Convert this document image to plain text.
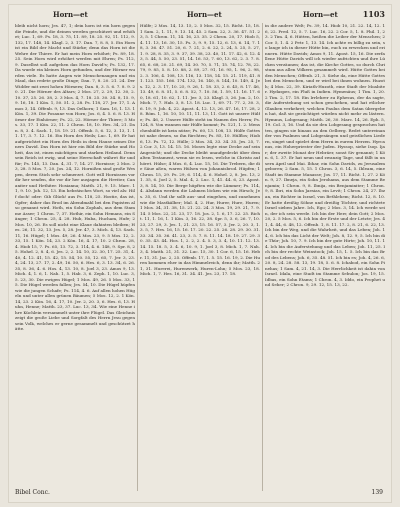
Horn—et	Horn—et	Horn—et	1103
bleib nicht horn; Jes. 47, 1; dein horn ist ein horn gegen die Feinde, und die deinen werden geschützet und erhöhet; Luc. 1, 69. Ps. 18, 3. 75, 11. 89, 18. 25. 92, 11. 112, 9. 132, 17. 148, 14. Klagl. 2, 3. 17. Dan. 7, 8. 8, 5. Ein Horn ist ein Bild der Macht und Stärke; denn das Horn ist die Wehre der Thiere. Er hat mein Horn erhöhet; Ps. 89, 18. 25. Sein Horn wird erhöhet werden mit Ehren; Ps. 112, 9. Daselbst soll aufgehen das Horn David's; Ps. 132, 17. Da wurde ein kleines Horn gefunden, und der Hörner wurden viele. Es hatte Augen wie Menschenaugen und ein Maul, das redete große Dinge; Dan. 7, 8. 20. 21. 24. Der Widder mit zwei hohen Hörnern; Dan. 8, 3. 5. 6. 7. 8. 9. 20. 21. Die Hörner des Altars; 2 Mos. 27, 2. 29, 12. 30, 2. 10. 37, 25. 26. 38, 2. 3 Mos. 4, 7. 18. 25. 30. 34. 8, 15. 9, 9. 16, 18. 1 Kön. 1, 50. 51. 2, 28. Ps. 118, 27. Jer. 17, 1. Amos 3, 14. Offenb. 9, 13. Das Oelhorn; 1 Sam. 16, 1. 13. 1 Kön. 1, 39. Die Posaune von Horn; Jos. 6, 4. 5. 6. 8. 13. Hörner der Einhörner; Ps. 22, 22. Hörner der Thiere; 5 Mos. 33, 17. 1 Kön. 22, 11. 2 Chron. 18, 10. Hes. 34, 21. Dan. 8, 3. 4. Sach. 1, 18. 19. 21. Offenb. 5, 6. 12, 3. 13, 1. 11. 17, 3. 7. 12. 16. Ein Horn des Heils; Luc. 1, 69. Er hat aufgerichtet ein Horn des Heils in dem Hause seines Dieners David. Das Horn ist hier ein Bild der Stärke und Hoheit, das ist, einen mächtigen und starken Heiland. Denn sein Reich ist ewig, und seine Herrschaft währet für und für; Ps. 145, 13. Dan. 4, 31. 7, 14. 27. Hornisse; 2 Mos. 23, 28. 5 Mos. 7, 20. Jos. 24, 12. Hornißen sind große Wespen, deren Stich sehr schmerzet. Gott will Hornissen vor dir her senden, die vor dir her ausjagen die Heviter, Cananiter und Hethiter. Hosianna; Matth. 21, 9. 15. Marc. 11, 9. 10. Joh. 12, 13. Ein hebräisches Wort, so viel als: Hilf doch! oder: Gib Glück! aus Ps. 118, 25. Hostie, das ist, Opfer; daher das Brod im Abendmahl bei den Papisten also genannt wird. Hoth, ein Sohn Zophah, aus dem Stamme Asser; 1 Chron. 7, 37. Hothir, ein Sohn Hemans, ein Sänger; 1 Chron. 25, 4. 28. Hub, Huba, Hucham, Hufe; 2 Mos. 10, 26. Es soll nicht eine Klaue dahinten bleiben; Hes. 26, 11. 32, 13. Jes. 5, 28. Jer. 47, 3. Mich. 4, 13. Sach. 11, 16. Hügel; 1 Mos. 49, 26. 4 Mos. 23, 9. 5 Mos. 12, 2. 33, 15. 1 Kön. 14, 23. 2 Kön. 16, 4. 17, 10. 2 Chron. 28, 4. Hiob 15, 7. Ps. 65, 13. 72, 3. 114, 4. 6. 148, 9. Spr. 8, 25. Hohel. 2, 8. 4, 6. Jes. 2, 2. 14. 10, 32. 30, 17. 25. 31, 4. 40, 4. 12. 41, 15. 42, 15. 54, 10. 55, 12. 65, 7. Jer. 3, 23. 4, 24. 13, 27. 17, 2. 49, 16. 50, 6. Hes. 6, 3. 13. 34, 6. 26. 35, 8. 36, 4. 6. Hos. 4, 13. 10, 8. Joel 3, 23. Amos 9, 13. Mich. 4, 1. 6, 1. Nah. 1, 5. Hab. 3, 6. Zeph. 1, 10. Luc. 3, 5. 23, 30. Die ewigen Hügel; 1 Mos. 49, 26. 5 Mos. 33, 15. Die Hügel werden fallen; Jes. 54, 10. Die Hügel hüpfen wie die jungen Schafe; Ps. 114, 4. 6. Auf allen hohen Hügeln und unter allen grünen Bäumen; 5 Mos. 12, 2. 1 Kön. 14, 23. 2 Kön. 16, 4. 17, 10. Jer. 2, 20. 3, 6. Hes. 6, 13. Huhn, Henne; Matth. 23, 37. Luc. 13, 34. Wie eine Henne ihre Küchlein versammelt unter ihre Flügel. Das Gleichnis zeigt die große Liebe und Sorgfalt des Herrn Jesu gegen sein Volk, welches er gerne gesammelt und geschützet hätte.
Hülfe; 2 Mos. 14, 13. 15, 2. 5 Mos. 32, 15. Richt. 15, 18. 1 Sam. 2, 1. 11, 9. 13. 14, 45. 2 Sam. 22, 3. 36. 47. 51. 23, 5. 1 Chron. 11, 14. 16, 23. 35. 2 Chron. 20, 17. Hiob 5, 4. 11. 13, 16. 30, 15. Ps. 3, 9. 9, 15. 12, 6. 13, 6. 14, 7. 18, 3. 36. 47. 51. 20, 6. 7. 21, 2. 6. 22, 2. 24, 5. 25, 5. 27, 1. 9. 28, 8. 35, 3. 9. 37, 39. 38, 23. 40, 11. 17. 42, 6. 12. 43, 5. 44, 5. 50, 23. 51, 14. 16. 53, 7. 60, 13. 62, 2. 3. 7. 8. 65, 6. 68, 20. 21. 69, 14. 30. 70, 5. 71, 15. 74, 12. 78, 22. 79, 9. 85, 5. 8. 10. 88, 2. 89, 27. 91, 16. 95, 1. 96, 2. 98, 2. 3. 106, 4. 108, 13. 116, 13. 118, 14. 15. 21. 119, 41. 81. 123. 155. 166. 174. 132, 16. 140, 8. 144, 10. 149, 4. Jes. 12, 2. 3. 17, 10. 25, 9. 26, 1. 18. 33, 2. 6. 45, 8. 17. 46, 13. 49, 6. 8. 51, 5. 6. 8. 52, 7. 10. 56, 1. 59, 11. 16. 17. 60, 18. 61, 10. 62, 1. 11. Jer. 3, 23. Klagl. 3, 26. Jon. 2, 10. Mich. 7, 7. Hab. 3, 8. 13. 18. Luc. 1, 69. 71. 77. 2, 30. 3, 6. 19, 9. Joh. 4, 22. Apost. 4, 12. 13, 26. 47. 16, 17. 28, 28. Röm. 1, 16. 10, 10. 11, 11. 13, 11. Gott ist unsere Hülfe; Ps. 46, 2. Unsere Hülfe steht im Namen des Herrn; Ps. 124, 8. Von wannen mir Hülfe kommt; Ps. 121, 1. 2. Menschenhülfe ist kein nütze; Ps. 60, 13. 108, 13. Hülfe Gottes ist nahe denen, so ihn fürchten; Ps. 85, 10. Hülflos; Hiob 6, 13. Ps. 72, 12. Hülle; 2 Mos. 34, 33. 34. 35. Jes. 25, 7. 2 Cor. 3, 13. 14. 15. 16. Moses legte eine Decke auf sein Angesicht; und die Decke bleibt unaufgedeckt über dem alten Testament, wenn sie es lesen, welche in Christo aufhöret. Hülse; 4 Mos. 6, 4. Luc. 15, 16. Die Trebern, die die Säue aßen, waren Hülsen von Johannisbrod. Hüpfen; 1 Chron. 15, 29. Ps. 29, 6. 114, 4. 6. Hohel. 2, 8. Jes. 13, 21. 35, 6. Joel 2, 5. Mal. 4, 2. Luc. 1, 41. 44. 6, 23. Apost. 3, 8. 14, 10. Die Berge hüpften wie die Lämmer; Ps. 114, 4. Alsdann werden die Lahmen löcken wie ein Hirsch; Jes. 35, 6. Und ihr sollt aus- und eingehen, und zunehmen wie die Mastkälber; Mal. 4, 2. Hur, Hurer, Hure, Huren; 1 Mos. 34, 31. 38, 15. 21. 22. 24. 3 Mos. 19, 29. 21, 7. 9. 14. 5 Mos. 22, 21. 23, 17. 18. Jos. 2, 1. 6, 17. 22. 25. Richt. 11, 1. 16, 1. 1 Kön. 3, 16. 22, 38. Spr. 5, 3. 6, 26. 7, 10. 23, 27. 29, 3. Jes. 1, 21. 23, 15. 16. 57, 3. Jer. 2, 20. 3, 1. 3. 5, 7. Hes. 16, 15. 16. 17. 20. 22. 25. 26. 28. 29. 30. 31. 33. 34. 35. 36. 41. 23, 3. 5. 7. 8. 11. 14. 18. 19. 27. 29. 30. 35. 43. 44. Hos. 1, 2. 2, 2. 4. 5. 3, 3. 4, 10. 11. 12. 13. 14. 15. 18. 5, 3. 4. 6, 10. 9, 1. Joel 3, 8. Mich. 1, 7. Nah. 3, 4. Matth. 21, 31. 32. Luc. 15, 30. 1 Cor. 6, 15. 16. Hebr. 11, 31. Jac. 2, 25. Offenb. 17, 1. 5. 15. 16. 19, 2. Die Huren kommen eher in das Himmelreich, denn ihr; Matth. 21, 31. Hurerei, Hurenwerk, Huren-Lohn; 5 Mos. 23, 18. Mich. 1, 7. Hes. 16, 31. 34. 41. Jes. 23, 17. 18.
in die andere Welt; Ps. 39, 14. Hiob 10, 21. 22. 14, 12. 16, 22. Pred. 12, 5. 7. Luc. 16, 22. 2 Cor. 5, 1. 8. Phil. 1, 23. 2 Tim. 4, 6. Hütten, heißen die Leiber der Menschen; 2 Cor. 5, 1. 4. 2 Petr. 1, 13. 14. Ich achte es billig zu sein, so lange ich in dieser Hütte bin, euch zu erwecken und erinnern. Hütte Davids; Amos 9, 11. Apost. 15, 16. Die zerfallene Hütte Davids will ich wieder aufrichten und ihre Lücken verzäunen; das ist, die Kirche Gottes, so durch Christum aus allen Völkern gesammelt wird. Hütte Gottes bei den Menschen; Offenb. 21, 3. Siehe da, eine Hütte Gottes bei den Menschen, und er wird bei ihnen wohnen. Huzoth; 4 Mos. 22, 39. Kiriath-Huzoth, eine Stadt der Moabiter. Hydaspes, ein Fluß in Indien. Hymenäus; 1 Tim. 1, 20. 2 Tim. 2, 17. 18. Ein Irrlehrer zu Ephesus, der da sagte, die Auferstehung sei schon geschehen, und hat etlicher Glauben verkehret; welchen Paulus dem Satan übergeben hat, daß sie gezüchtiget würden nicht mehr zu lästern. Hymnus, Lobgesang; Matth. 26, 30. Marc. 14, 26. Eph. 5, 19. Col. 3, 16. Und da sie den Lobgesang gesprochen hatten, gingen sie hinaus an den Oelberg. Redet untereinander von Psalmen und Lobgesängen und geistlichen Liedern, singet und spielet dem Herrn in eurem Herzen. Hyrcanus, ein Hoherpriester der Juden. Hyssop, siehe Isop. Ijar; der zweite Monat der Hebräer, sonst Siv genannt; 1 Kön. 6, 1. 37. Er hat neun und zwanzig Tage, und fällt in unsern April und Mai. Ibhar, ein Sohn Davids, zu Jerusalem geboren; 2 Sam. 5, 15. 1 Chron. 3, 6. 14, 5. Ibleam, eine Stadt im Stamme Manasse; Jos. 17, 11. Richt. 1, 27. 2 Kön. 9, 27. Ibneja, ein Sohn Jerohams, aus dem Stamme Benjamin; 1 Chron. 9, 8. Ibnija, ein Benjaminiter; 1 Chron. 9, 8. Ibri, ein Sohn Jaesias, ein Levit; 1 Chron. 24, 27. Ibzan, ein Richter in Israel, von Bethlehem; Richt. 12, 8. 10. Er hatte dreißig Söhne und dreißig Töchter, und richtete Israel sieben Jahre. Ich, Ego; 2 Mos. 3, 14. Ich werde sein, der ich sein werde. Ich bin der Herr, dein Gott; 2 Mos. 20, 2. 5 Mos. 5, 6. Ich bin der Erste und der Letzte; Jes. 41, 4. 44, 6. 48, 12. Offenb. 1, 8. 11. 17. 2, 8. 21, 6. 22, 13. Ich bin der Weg, und die Wahrheit, und das Leben; Joh. 14, 6. Ich bin das Licht der Welt; Joh. 8, 12. 9, 5. Ich bin die Thür; Joh. 10, 7. 9. Ich bin der gute Hirte; Joh. 10, 11. 14. Ich bin die Auferstehung und das Leben; Joh. 11, 25. Ich bin der rechte Weinstock; Joh. 15, 1. 5. Ich bin das Brod des Lebens; Joh. 6, 35. 48. 51. Ich bin es; Joh. 4, 26. 6, 20. 8, 24. 28. 58. 13, 19. 18, 5. 6. 8. Ichabod, ein Sohn Pinehas; 1 Sam. 4, 21. 14, 3. Die Herrlichkeit ist dahin von Israel. Idala, eine Stadt im Stamme Sebulon; Jos. 19, 15. Idbas, ein Sohn Etams; 1 Chron. 4, 3. Iddo, ein Prophet und Seher; 2 Chron. 9, 29. 12, 15. 13, 22.
Bibel Conc.	139
